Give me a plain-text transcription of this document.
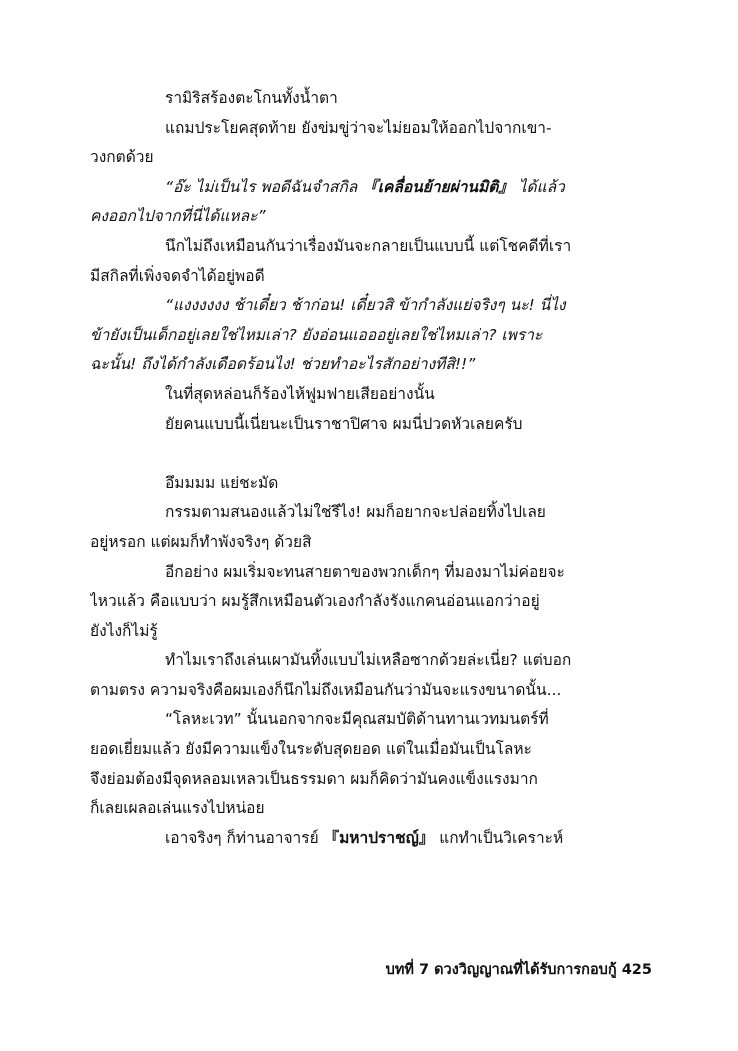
รามิริสร้องตะโกนทั้งน้ำตา
แถมประโยคสุดท้าย ยังข่มขู่ว่าจะไม่ยอมให้ออกไปจากเขา-
วงกตด้วย
“อ๊ะ ไม่เป็นไร พอดีฉันจำสกิล 『เคลื่อนย้ายผ่านมิติ』 ได้แล้ว
คงออกไปจากที่นี่ได้แหละ”
นึกไม่ถึงเหมือนกันว่าเรื่องมันจะกลายเป็นแบบนี้ แต่โชคดีที่เรา
มีสกิลที่เพิ่งจดจำได้อยู่พอดี
“แงงงงงง ช้าเดี๋ยว ช้าก่อน! เดี๋ยวสิ ข้ากำลังแย่จริงๆ นะ! นี่ไง
ข้ายังเป็นเด็กอยู่เลยใช่ไหมเล่า? ยังอ่อนแอออยู่เลยใช่ไหมเล่า? เพราะ
ฉะนั้น! ถึงได้กำลังเดือดร้อนไง! ช่วยทำอะไรสักอย่างทีสิ!!”
ในที่สุดหล่อนก็ร้องไห้ฟูมฟายเสียอย่างนั้น
ยัยคนแบบนี้เนี่ยนะเป็นราชาปิศาจ ผมนี่ปวดหัวเลยครับ
อึมมมม แย่ชะมัด
กรรมตามสนองแล้วไม่ใช่รึไง! ผมก็อยากจะปล่อยทิ้งไปเลย
อยู่หรอก แต่ผมก็ทำพังจริงๆ ด้วยสิ
อีกอย่าง ผมเริ่มจะทนสายตาของพวกเด็กๆ ที่มองมาไม่ค่อยจะ
ไหวแล้ว คือแบบว่า ผมรู้สึกเหมือนตัวเองกำลังรังแกคนอ่อนแอกว่าอยู่
ยังไงก็ไม่รู้
ทำไมเราถึงเล่นเผามันทิ้งแบบไม่เหลือซากด้วยล่ะเนี่ย? แต่บอก
ตามตรง ความจริงคือผมเองก็นึกไม่ถึงเหมือนกันว่ามันจะแรงขนาดนั้น...
“โลหะเวท” นั้นนอกจากจะมีคุณสมบัติด้านทานเวทมนตร์ที่
ยอดเยี่ยมแล้ว ยังมีความแข็งในระดับสุดยอด แต่ในเมื่อมันเป็นโลหะ
จึงย่อมต้องมีจุดหลอมเหลวเป็นธรรมดา ผมก็คิดว่ามันคงแข็งแรงมาก
ก็เลยเผลอเล่นแรงไปหน่อย
เอาจริงๆ ก็ท่านอาจารย์ 『มหาปราชญ์』 แกทำเป็นวิเคราะห์
บทที่ 7 ดวงวิญญาณที่ได้รับการกอบกู้ 425
